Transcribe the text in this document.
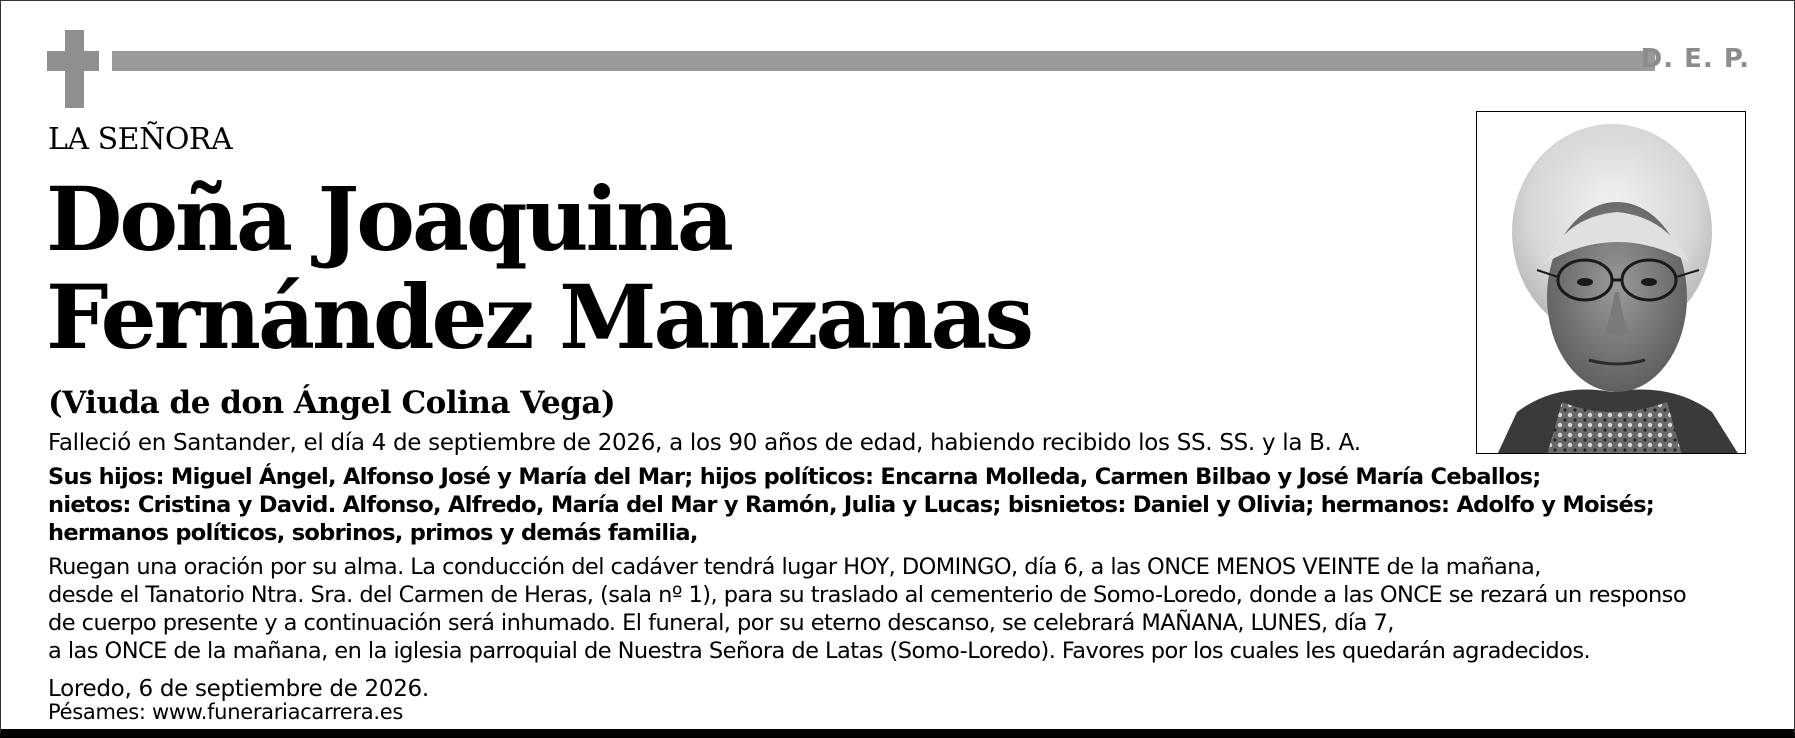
D. E. P.
LA SEÑORA
Doña Joaquina
Fernández Manzanas
(Viuda de don Ángel Colina Vega)
Falleció en Santander, el día 4 de septiembre de 2026, a los 90 años de edad, habiendo recibido los SS. SS. y la B. A.
Sus hijos: Miguel Ángel, Alfonso José y María del Mar; hijos políticos: Encarna Molleda, Carmen Bilbao y José María Ceballos;
nietos: Cristina y David. Alfonso, Alfredo, María del Mar y Ramón, Julia y Lucas; bisnietos: Daniel y Olivia; hermanos: Adolfo y Moisés;
hermanos políticos, sobrinos, primos y demás familia,
Ruegan una oración por su alma. La conducción del cadáver tendrá lugar HOY, DOMINGO, día 6, a las ONCE MENOS VEINTE de la mañana,
desde el Tanatorio Ntra. Sra. del Carmen de Heras, (sala nº 1), para su traslado al cementerio de Somo-Loredo, donde a las ONCE se rezará un responso
de cuerpo presente y a continuación será inhumado. El funeral, por su eterno descanso, se celebrará MAÑANA, LUNES, día 7,
a las ONCE de la mañana, en la iglesia parroquial de Nuestra Señora de Latas (Somo-Loredo). Favores por los cuales les quedarán agradecidos.
Loredo, 6 de septiembre de 2026.
Pésames: www.funerariacarrera.es
